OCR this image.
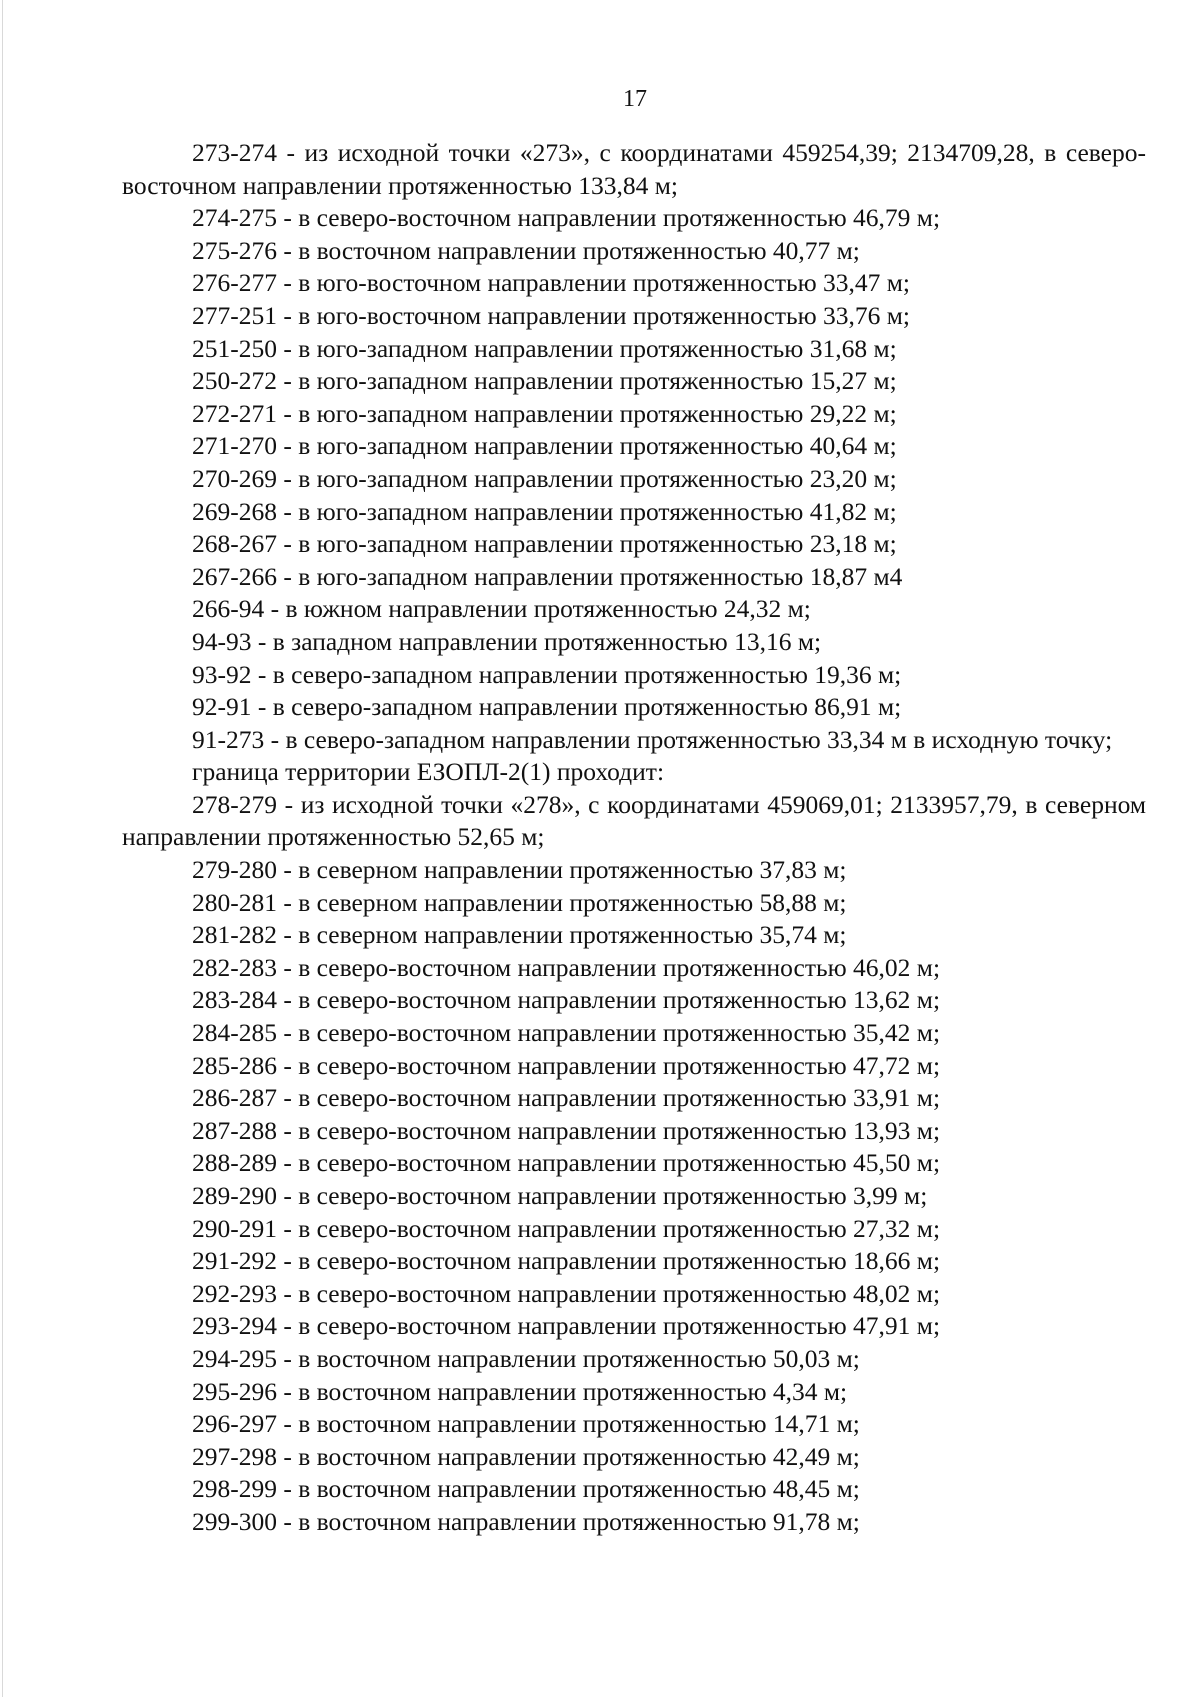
17

273-274 - из исходной точки «273», с координатами 459254,39; 2134709,28, в северо-восточном направлении протяженностью 133,84 м;

274-275 - в северо-восточном направлении протяженностью 46,79 м;

275-276 - в восточном направлении протяженностью 40,77 м;

276-277 - в юго-восточном направлении протяженностью 33,47 м;

277-251 - в юго-восточном направлении протяженностью 33,76 м;

251-250 - в юго-западном направлении протяженностью 31,68 м;

250-272 - в юго-западном направлении протяженностью 15,27 м;

272-271 - в юго-западном направлении протяженностью 29,22 м;

271-270 - в юго-западном направлении протяженностью 40,64 м;

270-269 - в юго-западном направлении протяженностью 23,20 м;

269-268 - в юго-западном направлении протяженностью 41,82 м;

268-267 - в юго-западном направлении протяженностью 23,18 м;

267-266 - в юго-западном направлении протяженностью 18,87 м4

266-94 - в южном направлении протяженностью 24,32 м;

94-93 - в западном направлении протяженностью 13,16 м;

93-92 - в северо-западном направлении протяженностью 19,36 м;

92-91 - в северо-западном направлении протяженностью 86,91 м;

91-273 - в северо-западном направлении протяженностью 33,34 м в исходную точку;

граница территории ЕЗОПЛ-2(1) проходит:

278-279 - из исходной точки «278», с координатами 459069,01; 2133957,79, в северном направлении протяженностью 52,65 м;

279-280 - в северном направлении протяженностью 37,83 м;

280-281 - в северном направлении протяженностью 58,88 м;

281-282 - в северном направлении протяженностью 35,74 м;

282-283 - в северо-восточном направлении протяженностью 46,02 м;

283-284 - в северо-восточном направлении протяженностью 13,62 м;

284-285 - в северо-восточном направлении протяженностью 35,42 м;

285-286 - в северо-восточном направлении протяженностью 47,72 м;

286-287 - в северо-восточном направлении протяженностью 33,91 м;

287-288 - в северо-восточном направлении протяженностью 13,93 м;

288-289 - в северо-восточном направлении протяженностью 45,50 м;

289-290 - в северо-восточном направлении протяженностью 3,99 м;

290-291 - в северо-восточном направлении протяженностью 27,32 м;

291-292 - в северо-восточном направлении протяженностью 18,66 м;

292-293 - в северо-восточном направлении протяженностью 48,02 м;

293-294 - в северо-восточном направлении протяженностью 47,91 м;

294-295 - в восточном направлении протяженностью 50,03 м;

295-296 - в восточном направлении протяженностью 4,34 м;

296-297 - в восточном направлении протяженностью 14,71 м;

297-298 - в восточном направлении протяженностью 42,49 м;

298-299 - в восточном направлении протяженностью 48,45 м;

299-300 - в восточном направлении протяженностью 91,78 м;
